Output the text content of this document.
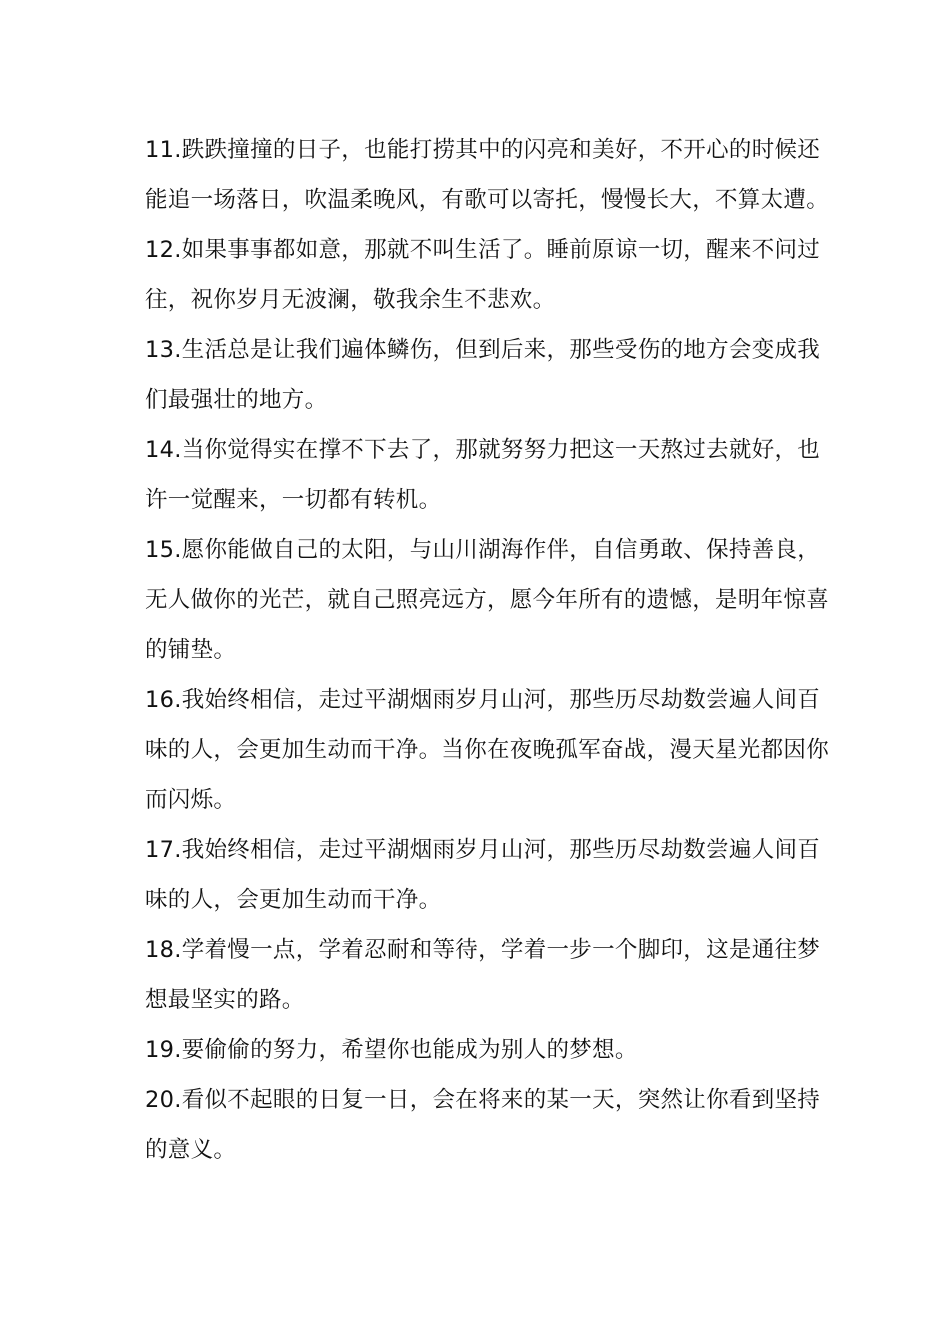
11.跌跌撞撞的日子，也能打捞其中的闪亮和美好，不开心的时候还能追一场落日，吹温柔晚风，有歌可以寄托，慢慢长大，不算太遭。

12.如果事事都如意，那就不叫生活了。睡前原谅一切，醒来不问过往，祝你岁月无波澜，敬我余生不悲欢。

13.生活总是让我们遍体鳞伤，但到后来，那些受伤的地方会变成我们最强壮的地方。

14.当你觉得实在撑不下去了，那就努努力把这一天熬过去就好，也许一觉醒来，一切都有转机。

15.愿你能做自己的太阳，与山川湖海作伴，自信勇敢、保持善良，无人做你的光芒，就自己照亮远方，愿今年所有的遗憾，是明年惊喜的铺垫。

16.我始终相信，走过平湖烟雨岁月山河，那些历尽劫数尝遍人间百味的人，会更加生动而干净。当你在夜晚孤军奋战，漫天星光都因你而闪烁。

17.我始终相信，走过平湖烟雨岁月山河，那些历尽劫数尝遍人间百味的人，会更加生动而干净。

18.学着慢一点，学着忍耐和等待，学着一步一个脚印，这是通往梦想最坚实的路。

19.要偷偷的努力，希望你也能成为别人的梦想。

20.看似不起眼的日复一日，会在将来的某一天，突然让你看到坚持的意义。
